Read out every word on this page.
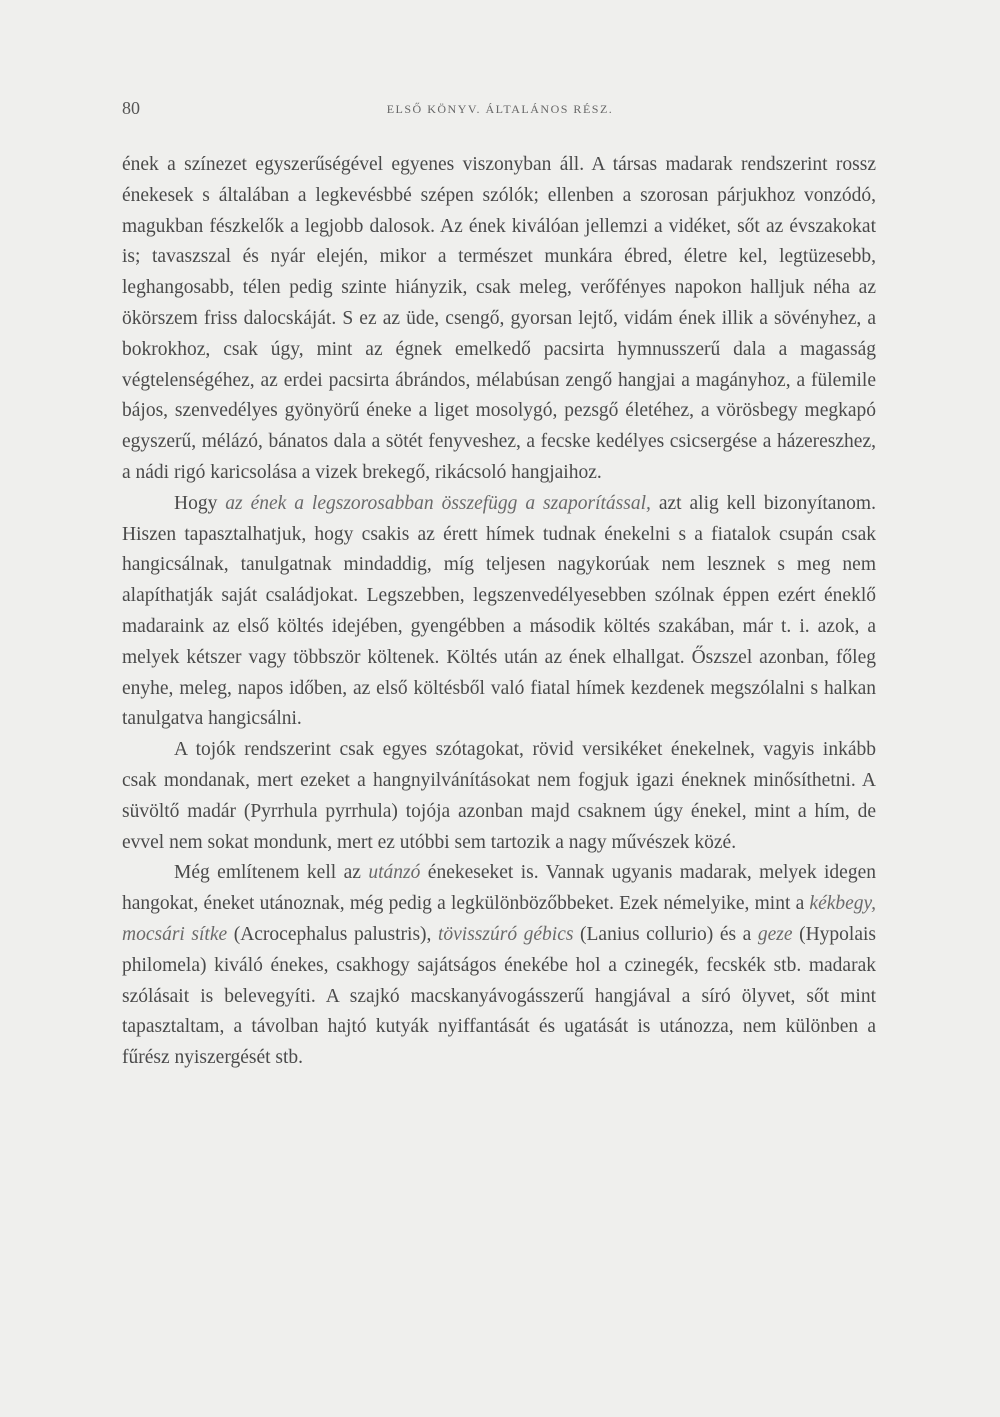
80	ELSŐ KÖNYV. ÁLTALÁNOS RÉSZ.

ének a színezet egyszerűségével egyenes viszonyban áll. A társas madarak rendszerint rossz énekesek s általában a legkevésbbé szépen szólók; ellenben a szorosan párjukhoz vonzódó, magukban fészkelők a legjobb dalosok. Az ének kiválóan jellemzi a vidéket, sőt az évszakokat is; tavaszszal és nyár elején, mikor a természet munkára ébred, életre kel, legtüzesebb, leghangosabb, télen pedig szinte hiányzik, csak meleg, verőfényes napokon halljuk néha az ökörszem friss dalocskáját. S ez az üde, csengő, gyorsan lejtő, vidám ének illik a sövényhez, a bokrokhoz, csak úgy, mint az égnek emelkedő pacsirta hymnusszerű dala a magasság végtelenségéhez, az erdei pacsirta ábrándos, mélabúsan zengő hangjai a magányhoz, a fülemile bájos, szenvedélyes gyönyörű éneke a liget mosolygó, pezsgő életéhez, a vörösbegy megkapó egyszerű, mélázó, bánatos dala a sötét fenyveshez, a fecske kedélyes csicsergése a házereszhez, a nádi rigó karicsolása a vizek brekegő, rikácsoló hangjaihoz.

Hogy az ének a legszorosabban összefügg a szaporítással, azt alig kell bizonyítanom. Hiszen tapasztalhatjuk, hogy csakis az érett hímek tudnak énekelni s a fiatalok csupán csak hangicsálnak, tanulgatnak mindaddig, míg teljesen nagykorúak nem lesznek s meg nem alapíthatják saját családjokat. Legszebben, legszenvedélyesebben szólnak éppen ezért éneklő madaraink az első költés idejében, gyengébben a második költés szakában, már t. i. azok, a melyek kétszer vagy többször költenek. Költés után az ének elhallgat. Őszszel azonban, főleg enyhe, meleg, napos időben, az első költésből való fiatal hímek kezdenek megszólalni s halkan tanulgatva hangicsálni.

A tojók rendszerint csak egyes szótagokat, rövid versikéket énekelnek, vagyis inkább csak mondanak, mert ezeket a hangnyilvánításokat nem fogjuk igazi éneknek minősíthetni. A süvöltő madár (Pyrrhula pyrrhula) tojója azonban majd csaknem úgy énekel, mint a hím, de evvel nem sokat mondunk, mert ez utóbbi sem tartozik a nagy művészek közé.

Még említenem kell az utánzó énekeseket is. Vannak ugyanis madarak, melyek idegen hangokat, éneket utánoznak, még pedig a legkülönbözőbbeket. Ezek némelyike, mint a kékbegy, mocsári sítke (Acrocephalus palustris), tövisszúró gébics (Lanius collurio) és a geze (Hypolais philomela) kiváló énekes, csakhogy sajátságos énekébe hol a czinegék, fecskék stb. madarak szólásait is belevegyíti. A szajkó macskanyávogásszerű hangjával a síró ölyvet, sőt mint tapasztaltam, a távolban hajtó kutyák nyiffantását és ugatását is utánozza, nem különben a fűrész nyiszergését stb.
